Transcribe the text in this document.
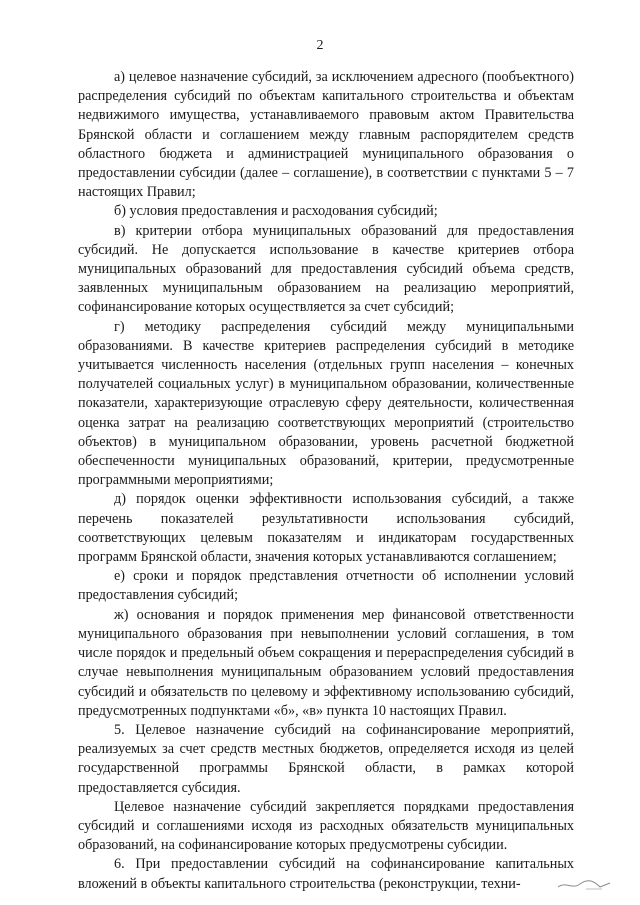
2

а) целевое назначение субсидий, за исключением адресного (пообъектного) распределения субсидий по объектам капитального строительства и объектам недвижимого имущества, устанавливаемого правовым актом Правительства Брянской области и соглашением между главным распорядителем средств областного бюджета и администрацией муниципального образования о предоставлении субсидии (далее – соглашение), в соответствии с пунктами 5 – 7 настоящих Правил;

б) условия предоставления и расходования субсидий;

в) критерии отбора муниципальных образований для предоставления субсидий. Не допускается использование в качестве критериев отбора муниципальных образований для предоставления субсидий объема средств, заявленных муниципальным образованием на реализацию мероприятий, софинансирование которых осуществляется за счет субсидий;

г) методику распределения субсидий между муниципальными образованиями. В качестве критериев распределения субсидий в методике учитывается численность населения (отдельных групп населения – конечных получателей социальных услуг) в муниципальном образовании, количественные показатели, характеризующие отраслевую сферу деятельности, количественная оценка затрат на реализацию соответствующих мероприятий (строительство объектов) в муниципальном образовании, уровень расчетной бюджетной обеспеченности муниципальных образований, критерии, предусмотренные программными мероприятиями;

д) порядок оценки эффективности использования субсидий, а также перечень показателей результативности использования субсидий, соответствующих целевым показателям и индикаторам государственных программ Брянской области, значения которых устанавливаются соглашением;

е) сроки и порядок представления отчетности об исполнении условий предоставления субсидий;

ж) основания и порядок применения мер финансовой ответственности муниципального образования при невыполнении условий соглашения, в том числе порядок и предельный объем сокращения и перераспределения субсидий в случае невыполнения муниципальным образованием условий предоставления субсидий и обязательств по целевому и эффективному использованию субсидий, предусмотренных подпунктами «б», «в» пункта 10 настоящих Правил.

5. Целевое назначение субсидий на софинансирование мероприятий, реализуемых за счет средств местных бюджетов, определяется исходя из целей государственной программы Брянской области, в рамках которой предоставляется субсидия.

Целевое назначение субсидий закрепляется порядками предоставления субсидий и соглашениями исходя из расходных обязательств муниципальных образований, на софинансирование которых предусмотрены субсидии.

6. При предоставлении субсидий на софинансирование капитальных вложений в объекты капитального строительства (реконструкции, техни-
